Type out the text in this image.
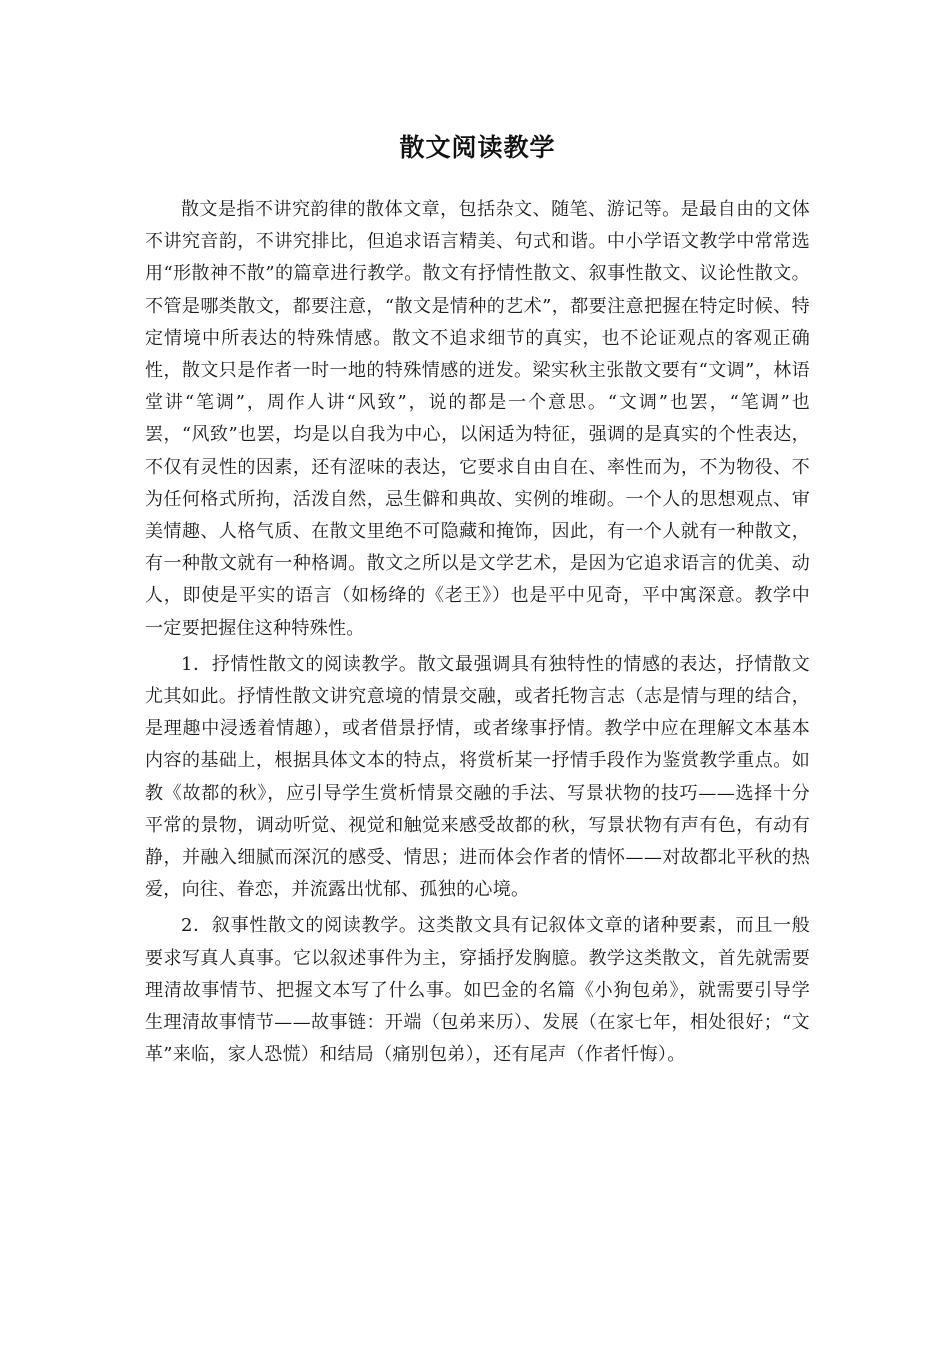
散文阅读教学

散文是指不讲究韵律的散体文章，包括杂文、随笔、游记等。是最自由的文体不讲究音韵，不讲究排比，但追求语言精美、句式和谐。中小学语文教学中常常选用“形散神不散”的篇章进行教学。散文有抒情性散文、叙事性散文、议论性散文。不管是哪类散文，都要注意，“散文是情种的艺术”，都要注意把握在特定时候、特定情境中所表达的特殊情感。散文不追求细节的真实，也不论证观点的客观正确性，散文只是作者一时一地的特殊情感的迸发。梁实秋主张散文要有“文调”，林语堂讲“笔调”，周作人讲“风致”，说的都是一个意思。“文调”也罢，“笔调”也罢，“风致”也罢，均是以自我为中心，以闲适为特征，强调的是真实的个性表达，不仅有灵性的因素，还有涩味的表达，它要求自由自在、率性而为，不为物役、不为任何格式所拘，活泼自然，忌生僻和典故、实例的堆砌。一个人的思想观点、审美情趣、人格气质、在散文里绝不可隐藏和掩饰，因此，有一个人就有一种散文，有一种散文就有一种格调。散文之所以是文学艺术，是因为它追求语言的优美、动人，即使是平实的语言（如杨绛的《老王》）也是平中见奇，平中寓深意。教学中一定要把握住这种特殊性。

1．抒情性散文的阅读教学。散文最强调具有独特性的情感的表达，抒情散文尤其如此。抒情性散文讲究意境的情景交融，或者托物言志（志是情与理的结合，是理趣中浸透着情趣），或者借景抒情，或者缘事抒情。教学中应在理解文本基本内容的基础上，根据具体文本的特点，将赏析某一抒情手段作为鉴赏教学重点。如教《故都的秋》，应引导学生赏析情景交融的手法、写景状物的技巧——选择十分平常的景物，调动听觉、视觉和触觉来感受故都的秋，写景状物有声有色，有动有静，并融入细腻而深沉的感受、情思；进而体会作者的情怀——对故都北平秋的热爱，向往、眷恋，并流露出忧郁、孤独的心境。

2．叙事性散文的阅读教学。这类散文具有记叙体文章的诸种要素，而且一般要求写真人真事。它以叙述事件为主，穿插抒发胸臆。教学这类散文，首先就需要理清故事情节、把握文本写了什么事。如巴金的名篇《小狗包弟》，就需要引导学生理清故事情节——故事链：开端（包弟来历）、发展（在家七年，相处很好；“文革”来临，家人恐慌）和结局（痛别包弟），还有尾声（作者忏悔）。
